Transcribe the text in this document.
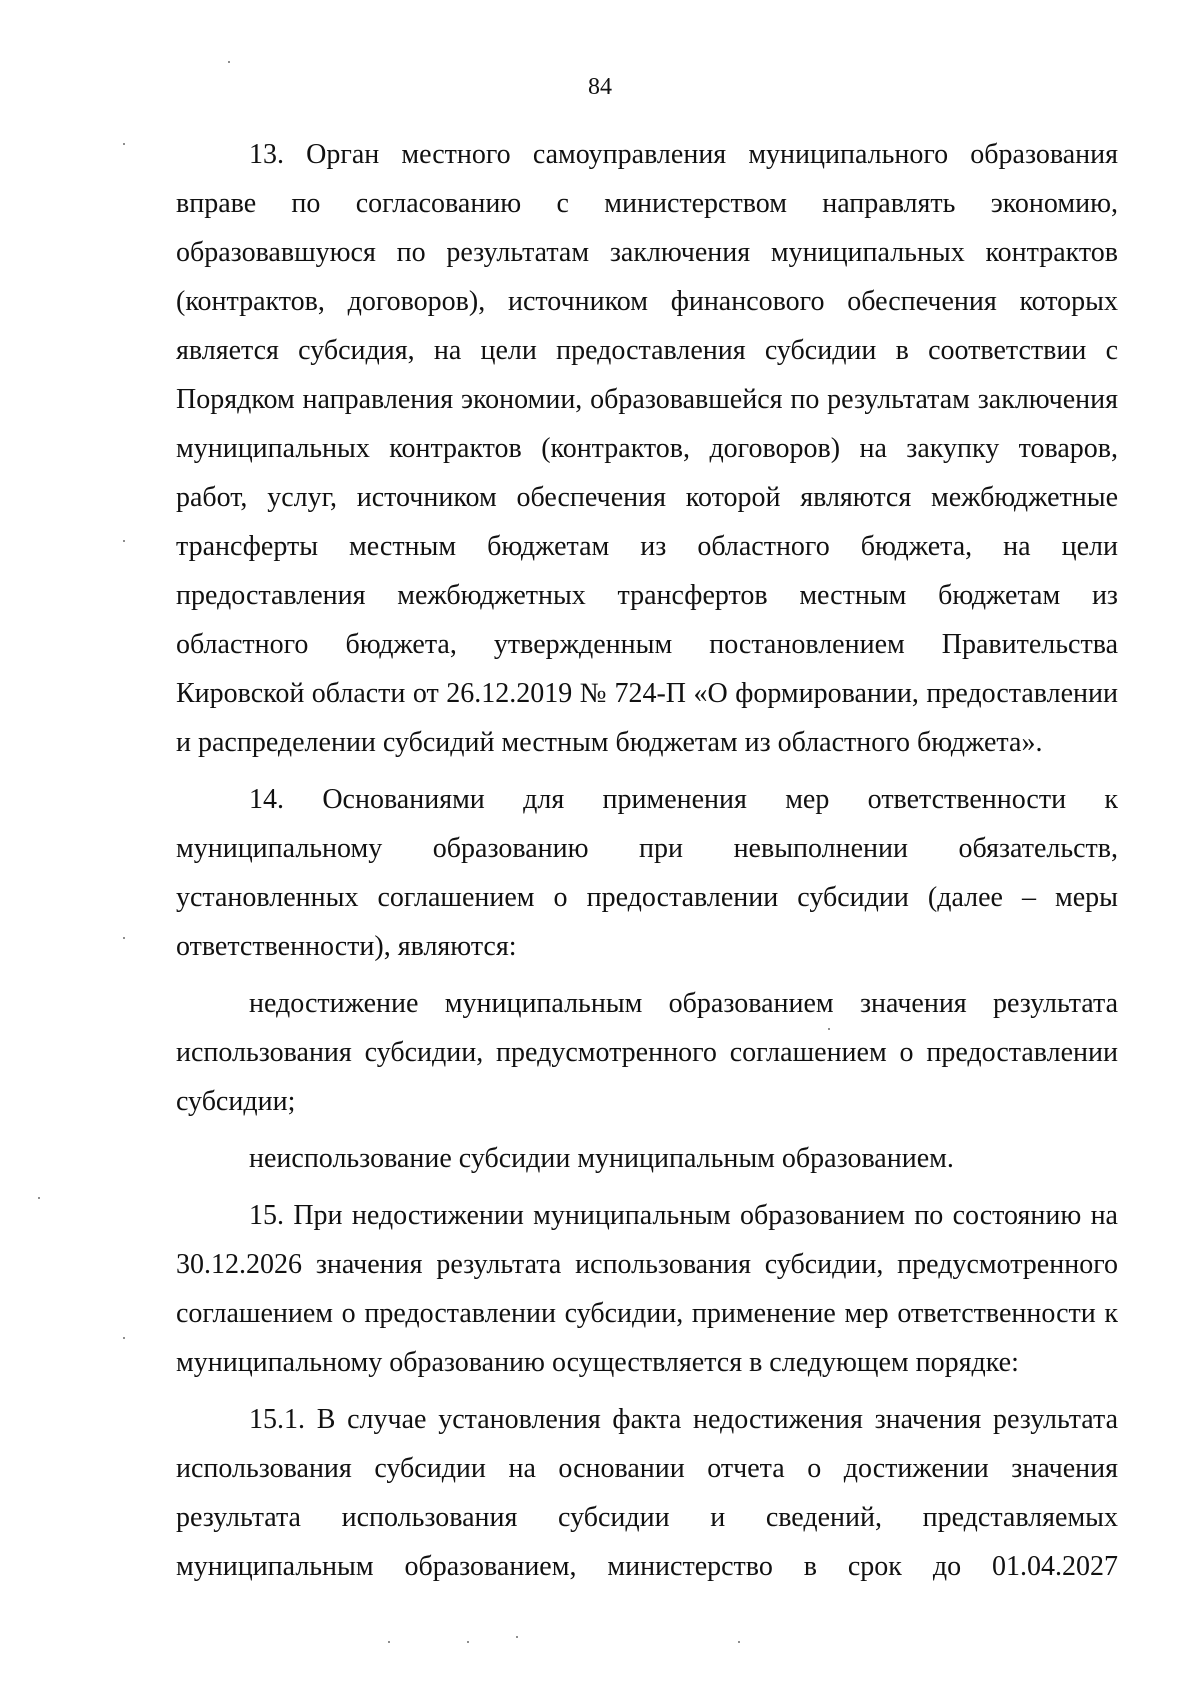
84

13. Орган местного самоуправления муниципального образования вправе по согласованию с министерством направлять экономию, образовавшуюся по результатам заключения муниципальных контрактов (контрактов, договоров), источником финансового обеспечения которых является субсидия, на цели предоставления субсидии в соответствии с Порядком направления экономии, образовавшейся по результатам заключения муниципальных контрактов (контрактов, договоров) на закупку товаров, работ, услуг, источником обеспечения которой являются межбюджетные трансферты местным бюджетам из областного бюджета, на цели предоставления межбюджетных трансфертов местным бюджетам из областного бюджета, утвержденным постановлением Правительства Кировской области от 26.12.2019 № 724-П «О формировании, предоставлении и распределении субсидий местным бюджетам из областного бюджета».

14. Основаниями для применения мер ответственности к муниципальному образованию при невыполнении обязательств, установленных соглашением о предоставлении субсидии (далее – меры ответственности), являются:

недостижение муниципальным образованием значения результата использования субсидии, предусмотренного соглашением о предоставлении субсидии;

неиспользование субсидии муниципальным образованием.

15. При недостижении муниципальным образованием по состоянию на 30.12.2026 значения результата использования субсидии, предусмотренного соглашением о предоставлении субсидии, применение мер ответственности к муниципальному образованию осуществляется в следующем порядке:

15.1. В случае установления факта недостижения значения результата использования субсидии на основании отчета о достижении значения результата использования субсидии и сведений, представляемых муниципальным образованием, министерство в срок до 01.04.2027
